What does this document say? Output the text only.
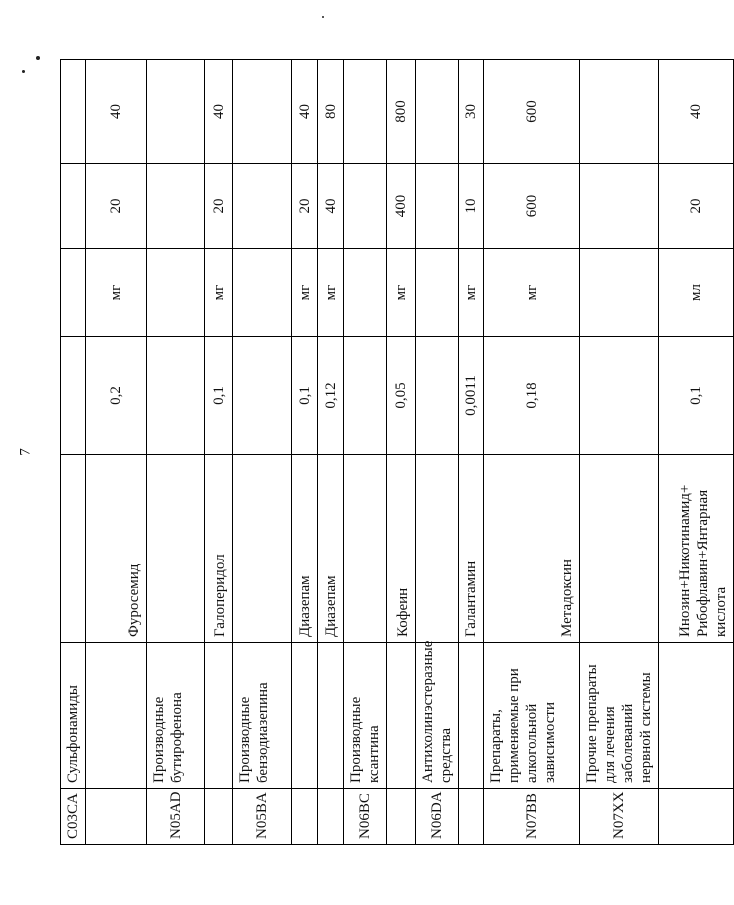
7
C03CA	Сульфонамиды					
		Фуросемид	0,2	мг	20	40
N05AD	Производные бутирофенона					
		Галоперидол	0,1	мг	20	40
N05BA	Производные бензодиазепина					
		Диазепам	0,1	мг	20	40
		Диазепам	0,12	мг	40	80
N06BC	Производные ксантина					
		Кофеин	0,05	мг	400	800
N06DA	Антихолинэстеразные средства					
		Галантамин	0,0011	мг	10	30
N07BB	Препараты, применяемые при алкогольной зависимости	Метадоксин	0,18	мг	600	600
N07XX	Прочие препараты для лечения заболеваний нервной системы					
		Инозин+Никотинамид+ Рибофлавин+Янтарная кислота	0,1	мл	20	40
